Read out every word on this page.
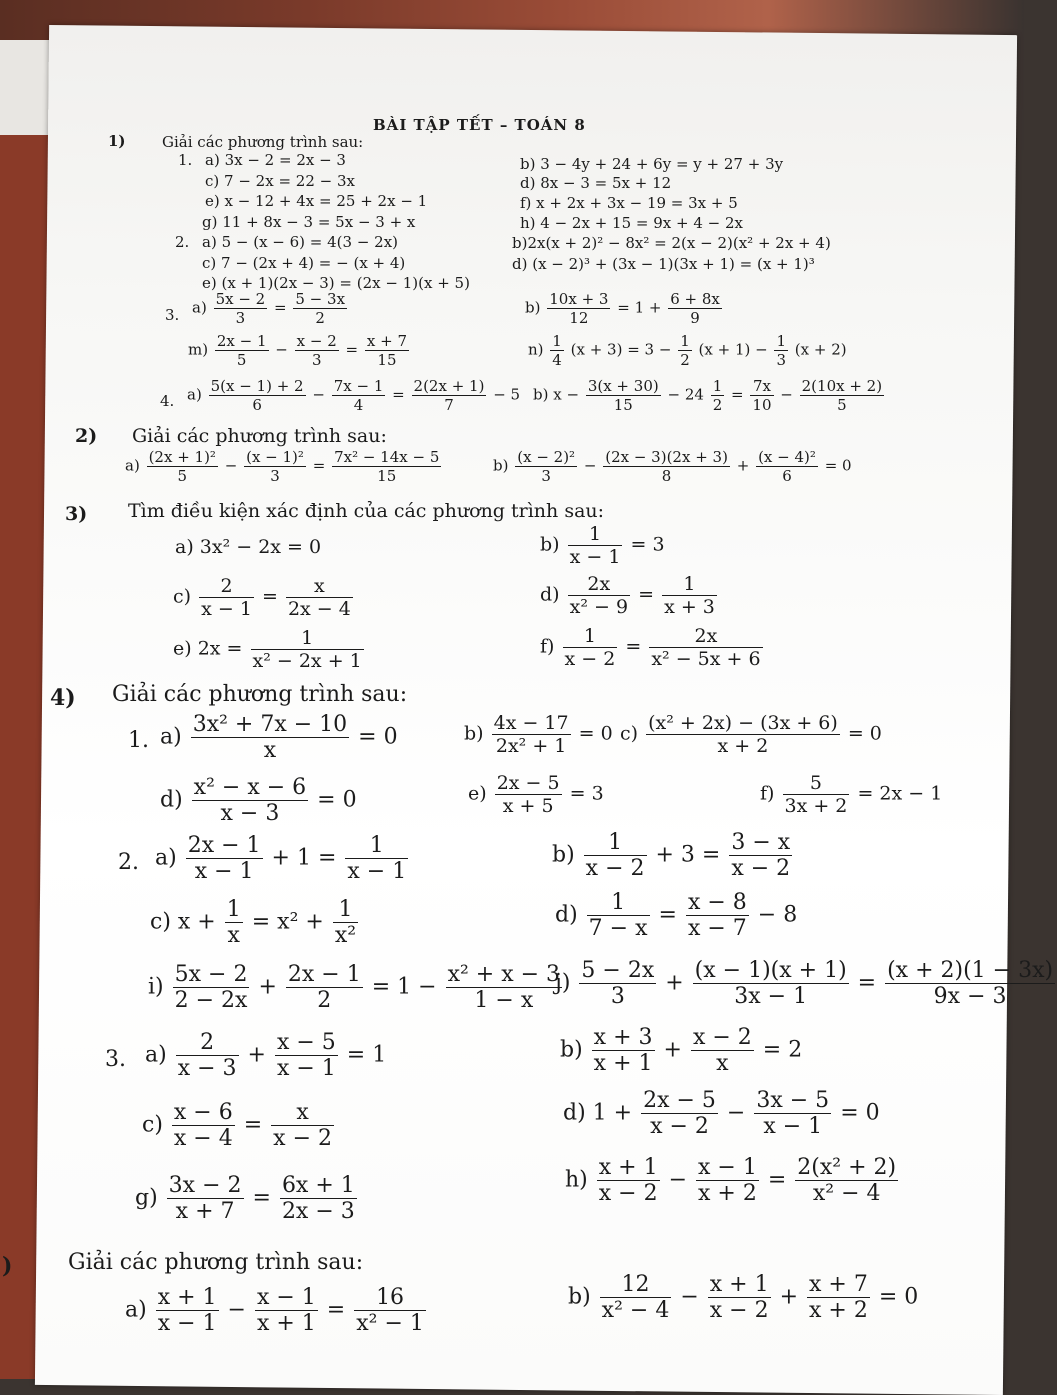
BÀI TẬP TẾT – TOÁN 8
1) Giải các phương trình sau:
1. a) 3x − 2 = 2x − 3	b) 3 − 4y + 24 + 6y = y + 27 + 3y
c) 7 − 2x = 22 − 3x	d) 8x − 3 = 5x + 12
e) x − 12 + 4x = 25 + 2x − 1	f) x + 2x + 3x − 19 = 3x + 5
g) 11 + 8x − 3 = 5x − 3 + x	h) 4 − 2x + 15 = 9x + 4 − 2x
2. a) 5 − (x − 6) = 4(3 − 2x)	b)2x(x + 2)² − 8x² = 2(x − 2)(x² + 2x + 4)
c) 7 − (2x + 4) = − (x + 4)	d) (x − 2)³ + (3x − 1)(3x + 1) = (x + 1)³
e) (x + 1)(2x − 3) = (2x − 1)(x + 5)
3. $a) \frac{5x - 2}{3} = \frac{5 - 3x}{2}$	$b) \frac{10x + 3}{12} = 1 + \frac{6 + 8x}{9}$
$m) \frac{2x - 1}{5} - \frac{x - 2}{3} = \frac{x + 7}{15}$	$n) \frac{1}{4} (x + 3) = 3 - \frac{1}{2} (x + 1) - \frac{1}{3} (x + 2)$
4. $a) \frac{5(x - 1) + 2}{6} - \frac{7x - 1}{4} = \frac{2(2x + 1)}{7} - 5$ b) $x - \frac{3(x + 30)}{15} - 24 \frac{1}{2} = \frac{7x}{10} - \frac{2(10x + 2)}{5}$
2) Giải các phương trình sau:
$a) \frac{\text{(2x + 1)²}}{5} - \frac{\text{(x − 1)²}}{3} = \frac{\text{7x² − 14x − 5}}{15}$	$b) \frac{\text{(x − 2)²}}{3} - \frac{(2x - 3)(2x + 3)}{8} + \frac{\text{(x − 4)²}}{6} = 0$
3) Tìm điều kiện xác định của các phương trình sau:
a) 3x² − 2x = 0	$b) \frac{1}{x - 1} = 3$
$c) \frac{2}{x - 1} = \frac{x}{2x - 4}$	$d) \frac{2x}{\text{x² − 9}} = \frac{1}{x + 3}$
e) $2x = \frac{1}{\text{x² − 2x + 1}}$	$f) \frac{1}{x - 2} = \frac{2x}{\text{x² − 5x + 6}}$
4) Giải các phương trình sau:
1. $a) \frac{\text{3x² + 7x − 10}}{x} = 0$	$b) \frac{4x - 17}{\text{2x² + 1}} = 0$ $c) \frac{\text{(x² + 2x) − (3x + 6)}}{x + 2} = 0$
$d) \frac{\text{x² − x − 6}}{x - 3} = 0$	$e) \frac{2x - 5}{x + 5} = 3$	$f) \frac{5}{3x + 2} = 2x - 1$
2. $a) \frac{2x - 1}{x - 1} + 1 = \frac{1}{x - 1}$	$b) \frac{1}{x - 2} + 3 = \frac{3 - x}{x - 2}$
c) $x + \frac{1}{x} = x^2 + \frac{1}{\text{x²}}$	$d) \frac{1}{7 - x} = \frac{x - 8}{x - 7} - 8$
$i) \frac{5x - 2}{2 - 2x} + \frac{2x - 1}{2} = 1 - \frac{\text{x² + x − 3}}{1 - x}$
$j) \frac{5 - 2x}{3} + \frac{(x - 1)(x + 1)}{3x - 1} = \frac{(x + 2)(1 - 3x)}{9x - 3}$
3. $a) \frac{2}{x - 3} + \frac{x - 5}{x - 1} = 1$	$b) \frac{x + 3}{x + 1} + \frac{x - 2}{x} = 2$
$c) \frac{x - 6}{x - 4} = \frac{x}{x - 2}$	d) $1 + \frac{2x - 5}{x - 2} - \frac{3x - 5}{x - 1} = 0$
$g) \frac{3x - 2}{x + 7} = \frac{6x + 1}{2x - 3}$	$h) \frac{x + 1}{x - 2} - \frac{x - 1}{x + 2} = \frac{\text{2(x² + 2)}}{\text{x² − 4}}$
)	Giải các phương trình sau:
$a) \frac{x + 1}{x - 1} - \frac{x - 1}{x + 1} = \frac{16}{\text{x² − 1}}$	$b) \frac{12}{\text{x² − 4}} - \frac{x + 1}{x - 2} + \frac{x + 7}{x + 2} = 0$
